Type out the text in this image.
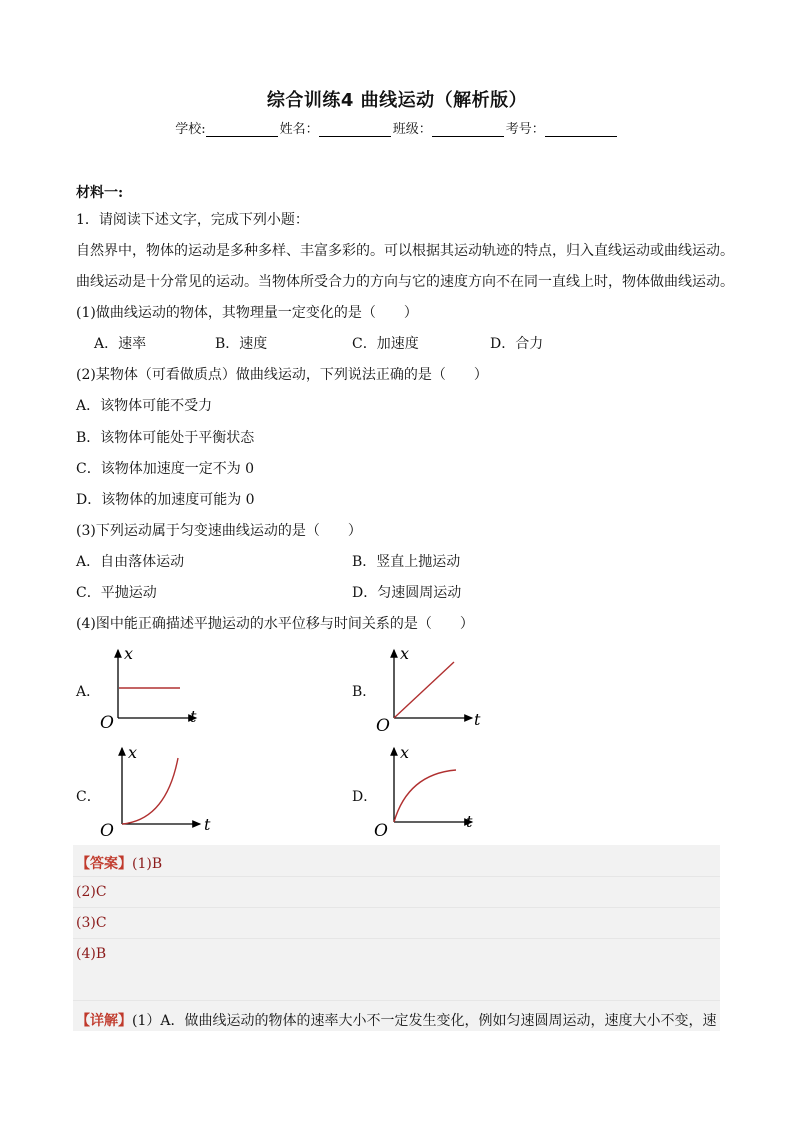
综合训练4 曲线运动（解析版）
学校:	姓名：	班级：	考号：
材料一:
1．请阅读下述文字，完成下列小题：
自然界中，物体的运动是多种多样、丰富多彩的。可以根据其运动轨迹的特点，归入直线运动或曲线运动。
曲线运动是十分常见的运动。当物体所受合力的方向与它的速度方向不在同一直线上时，物体做曲线运动。
(1)做曲线运动的物体，其物理量一定变化的是（　　）
A．速率	B．速度	C．加速度	D．合力
(2)某物体（可看做质点）做曲线运动，下列说法正确的是（　　）
A．该物体可能不受力
B．该物体可能处于平衡状态
C．该物体加速度一定不为 0
D．该物体的加速度可能为 0
(3)下列运动属于匀变速曲线运动的是（　　）
A．自由落体运动	B．竖直上抛运动
C．平抛运动	D．匀速圆周运动
(4)图中能正确描述平抛运动的水平位移与时间关系的是（　　）
A．	B．
C．	D．
x
t
O
x
t
O
x
t
O
x
t
O
【答案】(1)B
(2)C
(3)C
(4)B
【详解】(1）A．做曲线运动的物体的速率大小不一定发生变化，例如匀速圆周运动，速度大小不变，速
